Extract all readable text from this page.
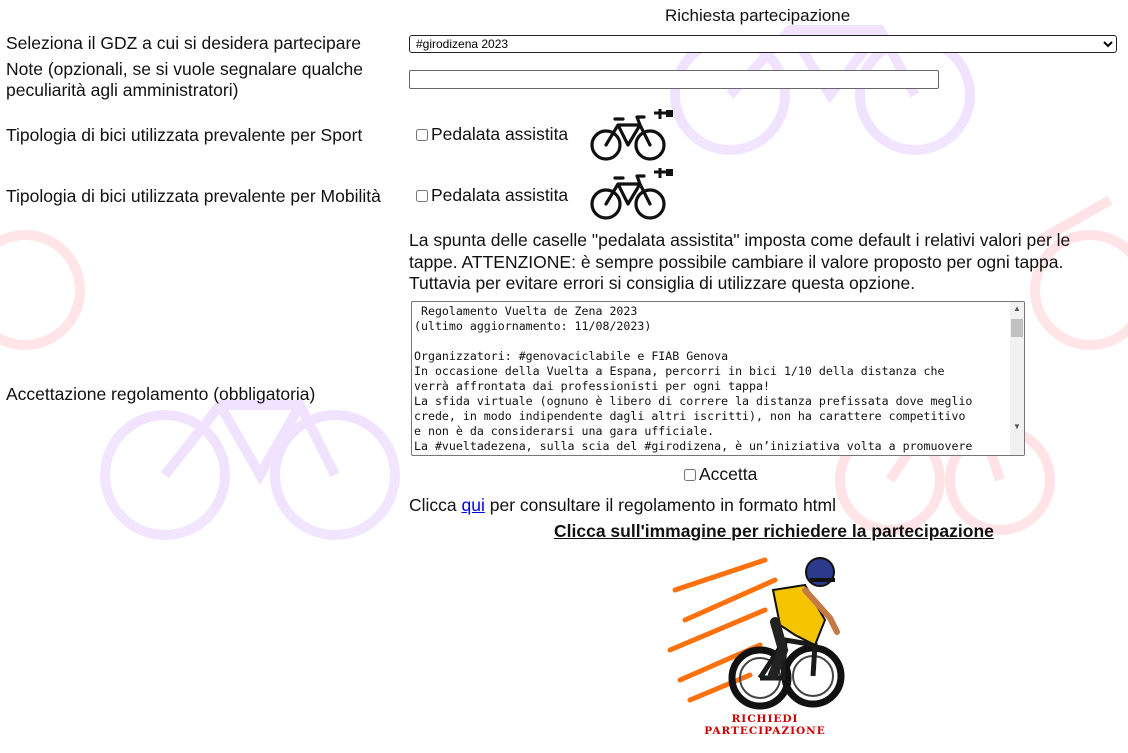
Richiesta partecipazione
Seleziona il GDZ a cui si desidera partecipare
#girodizena 2023
Note (opzionali, se si vuole segnalare qualche
peculiarità agli amministratori)
Tipologia di bici utilizzata prevalente per Sport	Pedalata assistita
Tipologia di bici utilizzata prevalente per Mobilità	Pedalata assistita
La spunta delle caselle "pedalata assistita" imposta come default i relativi valori per le tappe. ATTENZIONE: è sempre possibile cambiare il valore proposto per ogni tappa. Tuttavia per evitare errori si consiglia di utilizzare questa opzione.
Accettazione regolamento (obbligatoria)
Regolamento Vuelta de Zena 2023 (ultimo aggiornamento: 11/08/2023) Organizzatori: #genovaciclabile e FIAB Genova In occasione della Vuelta a Espana, percorri in bici 1/10 della distanza che verrà affrontata dai professionisti per ogni tappa! La sfida virtuale (ognuno è libero di correre la distanza prefissata dove meglio crede, in modo indipendente dagli altri iscritti), non ha carattere competitivo e non è da considerarsi una gara ufficiale. La #vueltadezena, sulla scia del #girodizena, è un’iniziativa volta a promuovere
▲
▼
Accetta
Clicca qui per consultare il regolamento in formato html
Clicca sull'immagine per richiedere la partecipazione
RICHIEDI
PARTECIPAZIONE
